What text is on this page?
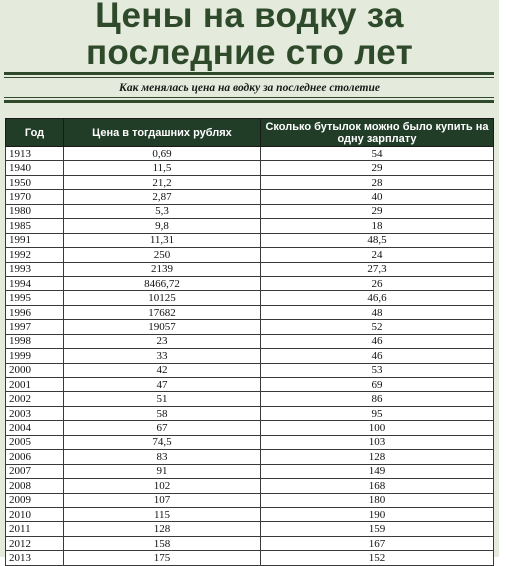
Цены на водку за
последние сто лет
Как менялась цена на водку за последнее столетие
Год	Цена в тогдашних рублях	Сколько бутылок можно было купить на одну зарплату
1913	0,69	54
1940	11,5	29
1950	21,2	28
1970	2,87	40
1980	5,3	29
1985	9,8	18
1991	11,31	48,5
1992	250	24
1993	2139	27,3
1994	8466,72	26
1995	10125	46,6
1996	17682	48
1997	19057	52
1998	23	46
1999	33	46
2000	42	53
2001	47	69
2002	51	86
2003	58	95
2004	67	100
2005	74,5	103
2006	83	128
2007	91	149
2008	102	168
2009	107	180
2010	115	190
2011	128	159
2012	158	167
2013	175	152
